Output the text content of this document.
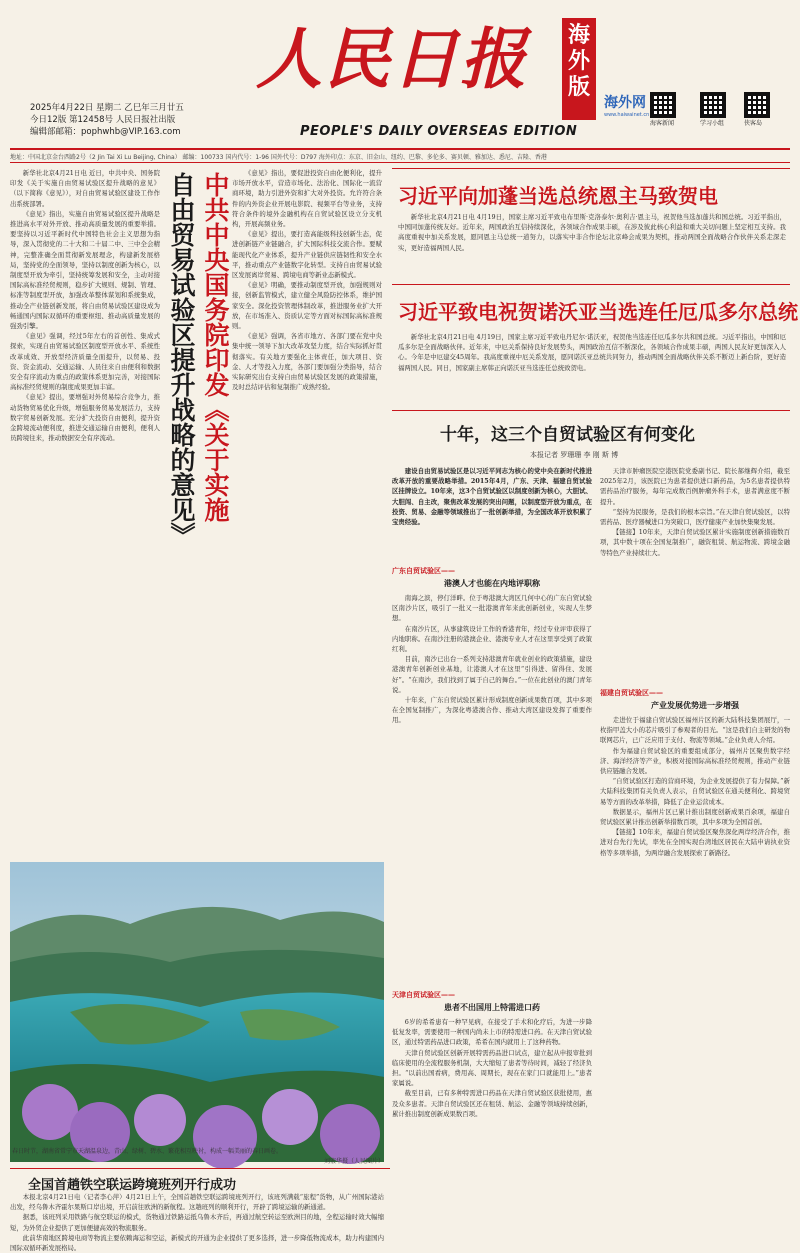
人民日报 海外版
PEOPLE'S DAILY OVERSEAS EDITION
2025年4月22日 星期二 乙巳年三月廿五
今日12版 第12458号 人民日报社出版
编辑部邮箱：pophwhb@VIP.163.com
海外网
www.haiwainet.cn
海客新闻	学习小组	侠客岛
地址：中国北京金台西路2号（2 Jin Tai Xi Lu Beijing, China） 邮编：100733 国内代号：1-96 国外代号：D797 海外印点：东京、旧金山、纽约、巴黎、多伦多、赛贝顿、雅加达、悉尼、吉隆、香港

新华社北京4月21日电 近日，中共中央、国务院印发《关于实施自由贸易试验区提升战略的意见》（以下简称《意见》），对自由贸易试验区建设工作作出系统部署。

《意见》指出，实施自由贸易试验区提升战略是推进高水平对外开放、推动高质量发展的重要举措。要坚持以习近平新时代中国特色社会主义思想为指导，深入贯彻党的二十大和二十届二中、三中全会精神，完整准确全面贯彻新发展理念，构建新发展格局，坚持党的全面领导，坚持以制度创新为核心，以制度型开放为牵引，坚持统筹发展和安全，主动对接国际高标准经贸规则，稳步扩大规则、规制、管理、标准等制度型开放，加强改革整体谋划和系统集成，推动全产业链创新发展，将自由贸易试验区建设成为畅通国内国际双循环的重要枢纽、推动高质量发展的强劲引擎。

《意见》强调，经过5年左右的首创性、集成式探索，实现自由贸易试验区制度型开放水平、系统性改革成效、开放型经济质量全面提升，以贸易、投资、资金流动、交通运输、人员往来自由便利和数据安全有序流动为重点的政策体系更加完善，对接国际高标准经贸规则的制度成果更加丰富。

《意见》提出，要增强对外贸易综合竞争力，推动货物贸易优化升级，增强服务贸易发展活力，支持数字贸易创新发展。充分扩大投资自由便利，提升资金跨境流动便利度，推进交通运输自由便利，便利人员跨境往来，推动数据安全有序流动。	中共中央国务院印发《关于实施
自由贸易试验区提升战略的意见》	《意见》指出，要促进投资自由化便利化，提升市场开放水平，营造市场化、法治化、国际化一流营商环境，助力引进外资和扩大对外投资。允许符合条件的内外资企业开展电影院、视频平台等业务，支持符合条件的境外金融机构在自贸试验区设立分支机构，开展高频业务。

《意见》提出，要打造高能级科技创新生态，促进创新链产业链融合，扩大国际科技交流合作。要赋能现代化产业体系，提升产业链供应链韧性和安全水平，推动重点产业链数字化转型。支持自由贸易试验区发展离岸贸易、跨境电商等新业态新模式。

《意见》明确，要推动制度型开放，加强规则对接，创新监管模式，建立健全风险防控体系，维护国家安全。深化投资管理体制改革，推进服务业扩大开放，在市场准入、资质认定等方面对标国际高标准规则。

《意见》强调，各省市地方、各部门要在党中央集中统一领导下加大改革攻坚力度，结合实际抓好贯彻落实。有关地方要强化主体责任，加大项目、资金、人才等投入力度，各部门要加强分类指导，结合实际研究出台支持自由贸易试验区发展的政策措施，及时总结评估和复制推广成熟经验。

习近平向加蓬当选总统恩主马致贺电

新华社北京4月21日电 4月19日，国家主席习近平致电布里斯·克洛泰尔·奥利吉·恩主马，祝贺他当选加蓬共和国总统。习近平指出，中国同加蓬传统友好。近年来，两国政治互信持续深化，各领域合作成果丰硕，在涉及彼此核心利益和重大关切问题上坚定相互支持。我高度重视中加关系发展，愿同恩主马总统一道努力，以落实中非合作论坛北京峰会成果为契机，推动两国全面战略合作伙伴关系走深走实，更好造福两国人民。

习近平致电祝贺诺沃亚当选连任厄瓜多尔总统

新华社北京4月21日电 4月19日，国家主席习近平致电丹尼尔·诺沃亚，祝贺他当选连任厄瓜多尔共和国总统。习近平指出，中国和厄瓜多尔是全面战略伙伴。近年来，中厄关系保持良好发展势头，两国政治互信不断深化，各领域合作成果丰硕，两国人民友好更加深入人心。今年是中厄建交45周年。我高度重视中厄关系发展，愿同诺沃亚总统共同努力，推动两国全面战略伙伴关系不断迈上新台阶，更好造福两国人民。同日，国家副主席韩正向诺沃亚当选连任总统致贺电。

十年，这三个自贸试验区有何变化
本报记者 罗珊珊 李 刚 斯 博

建设自由贸易试验区是以习近平同志为核心的党中央在新时代推进改革开放的重要战略举措。2015年4月，广东、天津、福建自贸试验区挂牌设立。10年来，这3个自贸试验区以制度创新为核心，大胆试、大胆闯、自主改，聚焦改革发展的突出问题，以制度型开放为重点，在投资、贸易、金融等领域推出了一批创新举措，为全国改革开放积累了宝贵经验。

广东自贸试验区——
港澳人才也能在内地评职称

南海之滨，停仃洋畔。位于粤港澳大湾区几何中心的广东自贸试验区南沙片区，吸引了一批又一批港澳青年来此创新创业，实现人生梦想。

在南沙片区，从事建筑设计工作的香港青年，经过专业评审获得了内地职称。在南沙注册的港澳企业、港澳专业人才在这里享受到了政策红利。

目前，南沙已出台一系列支持港澳青年就业创业的政策措施，建设港澳青年创新创业基地，让港澳人才在这里“引得进、留得住、发展好”。“在南沙，我们找到了属于自己的舞台。”一位在此创业的澳门青年说。

十年来，广东自贸试验区累计形成制度创新成果数百项，其中多项在全国复制推广，为深化粤港澳合作、推动大湾区建设发挥了重要作用。

天津自贸试验区——
患者不出国用上特需进口药

6岁的希希患有一种罕见病，在接受了手术和化疗后，为进一步降低复发率，需要使用一种国内尚未上市的特需进口药。在天津自贸试验区，通过特需药品进口政策，希希在国内就用上了这种药物。

天津自贸试验区创新开展特需药品进口试点，建立起从申报审批到临床使用的全流程服务机制，大大缩短了患者等待时间，减轻了经济负担。“以前出国看病，费用高、周期长，现在在家门口就能用上。”患者家属说。

截至目前，已有多种特需进口药品在天津自贸试验区获批使用，惠及众多患者。天津自贸试验区还在租赁、航运、金融等领域持续创新，累计推出制度创新成果数百项。

天津市肿瘤医院空港医院党委副书记、院长郝继辉介绍，截至2025年2月，该医院已为患者提供进口新药品，为5名患者提供特需药品治疗服务，每年完成数百例肿瘤外科手术，患者满意度不断提升。

“坚持为民服务，是我们的根本宗旨。”在天津自贸试验区，以特需药品、医疗器械进口为突破口，医疗健康产业加快集聚发展。

【链接】10年来，天津自贸试验区累计实施制度创新措施数百项，其中数十项在全国复制推广，融资租赁、航运物流、跨境金融等特色产业持续壮大。

福建自贸试验区——
产业发展优势进一步增强

走进位于福建自贸试验区福州片区的新大陆科技集团展厅，一枚指甲盖大小的芯片吸引了参观者的目光。“这是我们自主研发的物联网芯片，已广泛应用于支付、物流等领域。”企业负责人介绍。

作为福建自贸试验区的重要组成部分，福州片区聚焦数字经济、海洋经济等产业，积极对接国际高标准经贸规则，推动产业链供应链融合发展。

“自贸试验区打造的营商环境，为企业发展提供了有力保障。”新大陆科技集团有关负责人表示，自贸试验区在通关便利化、跨境贸易等方面的改革举措，降低了企业运营成本。

数据显示，福州片区已累计推出制度创新成果百余项，福建自贸试验区累计推出创新举措数百项，其中多项为全国首创。

【链接】10年来，福建自贸试验区聚焦深化两岸经济合作，推进对台先行先试，率先在全国实现台湾地区居民在大陆申请执业资格等多项举措，为两岸融合发展探索了新路径。

春日时节，湖南省常宁市天湖温泉边，青山、绿树、碧水、繁花相互映衬，构成一幅美丽的春日画卷。
刘宏华摄（人民图片）
全国首趟铁空联运跨境班列开行成功

本报北京4月21日电（记者李心萍）4月21日上午，全国首趟铁空联运跨境班列开行，该班列满载“旅程”货物，从广州国际港站出发，经乌鲁木齐霍尔果斯口岸出境，开启前往欧洲的新航程。这趟班列的顺利开行，开辟了跨境运输的新通道。

据悉，该班列采用铁路与航空联运的模式，货物通过铁路运抵乌鲁木齐后，再通过航空转运至欧洲目的地，全程运输时效大幅缩短，为外贸企业提供了更加便捷高效的物流服务。

此前华南地区跨境电商等物流主要依赖海运和空运，新模式的开通为企业提供了更多选择，进一步降低物流成本，助力构建国内国际双循环新发展格局。
